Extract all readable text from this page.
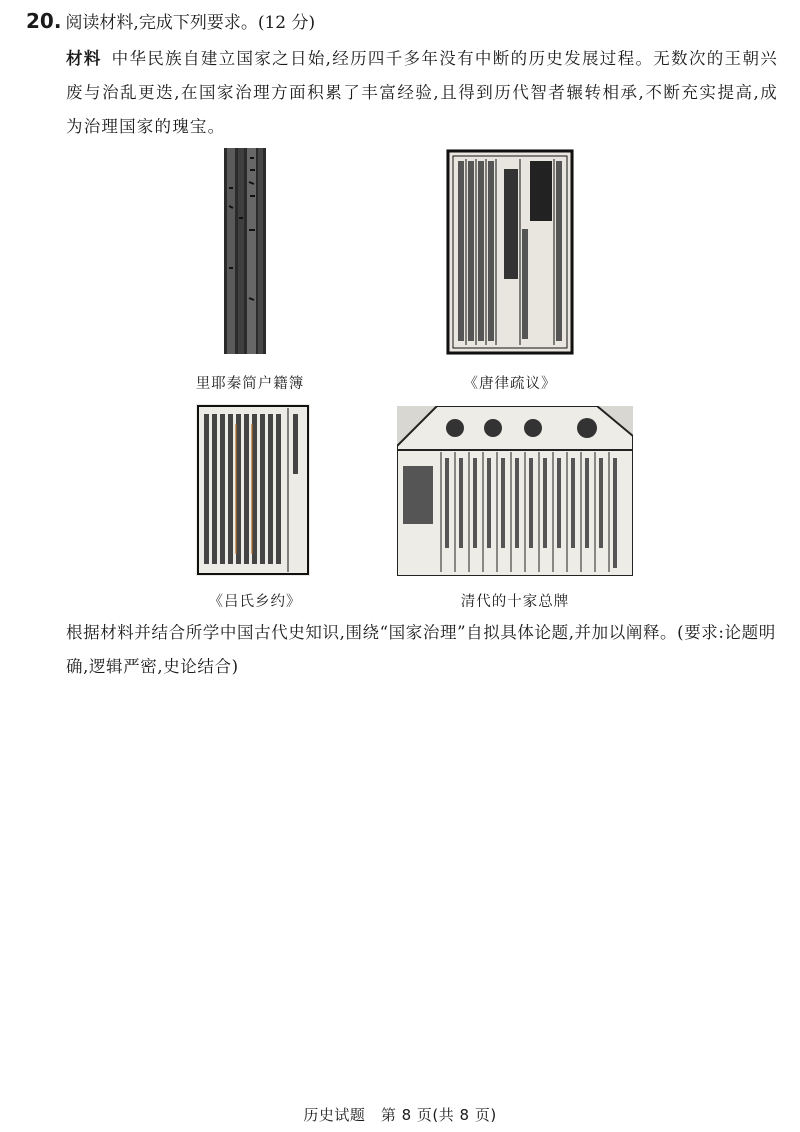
20. 阅读材料,完成下列要求。(12 分)
材料 中华民族自建立国家之日始,经历四千多年没有中断的历史发展过程。无数次的王朝兴废与治乱更迭,在国家治理方面积累了丰富经验,且得到历代智者辗转相承,不断充实提高,成为治理国家的瑰宝。
里耶秦简户籍簿	《唐律疏议》
《吕氏乡约》	清代的十家总牌
根据材料并结合所学中国古代史知识,围绕“国家治理”自拟具体论题,并加以阐释。(要求:论题明确,逻辑严密,史论结合)
历史试题　第 8 页(共 8 页)
